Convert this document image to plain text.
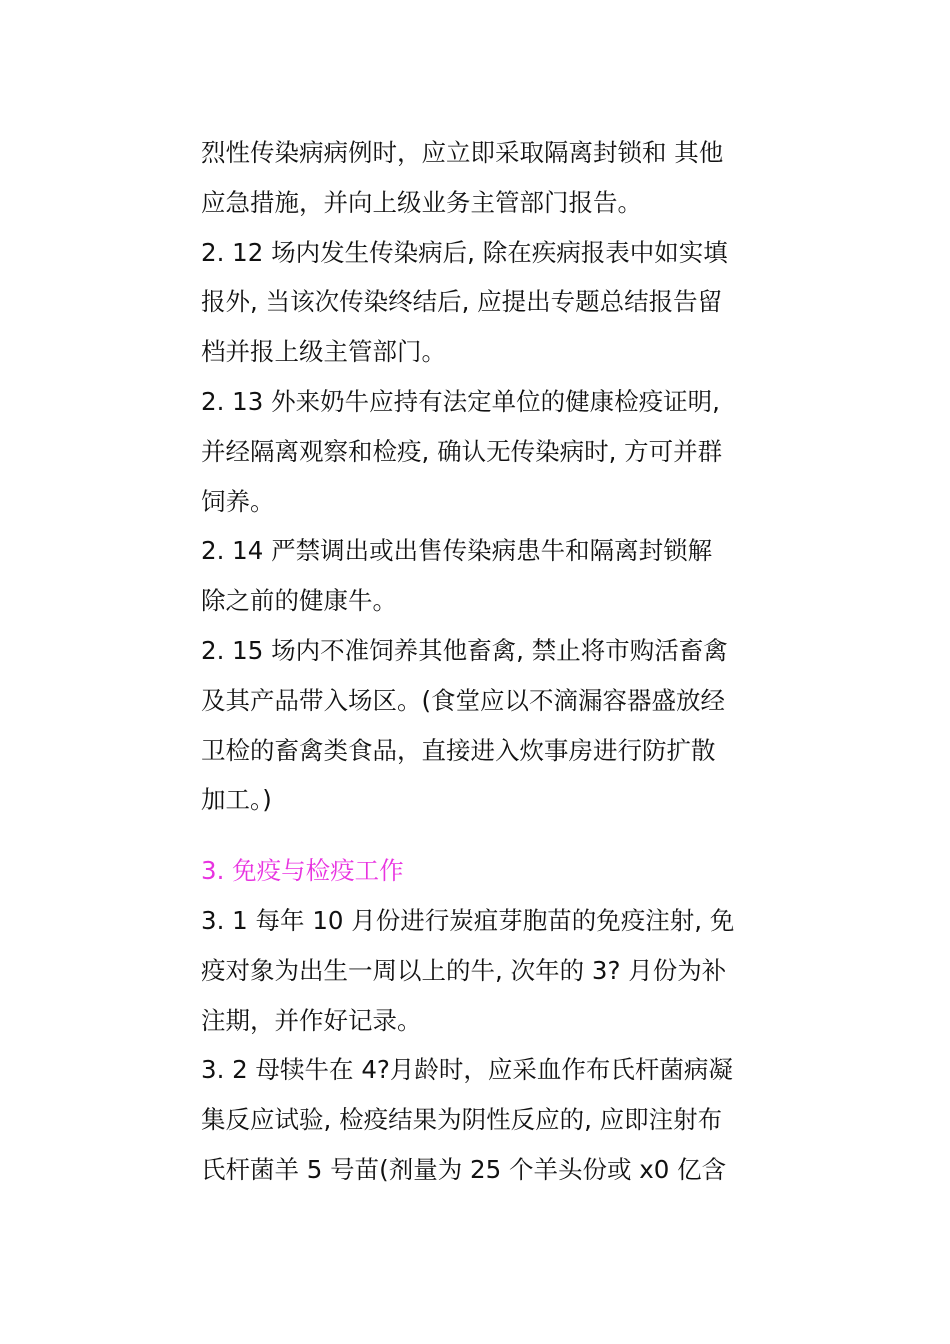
烈性传染病病例时，应立即采取隔离封锁和 其他
应急措施，并向上级业务主管部门报告。
2. 12 场内发生传染病后, 除在疾病报表中如实填
报外, 当该次传染终结后, 应提出专题总结报告留
档并报上级主管部门。
2. 13 外来奶牛应持有法定单位的健康检疫证明,
并经隔离观察和检疫, 确认无传染病时, 方可并群
饲养。
2. 14 严禁调出或出售传染病患牛和隔离封锁解
除之前的健康牛。
2. 15 场内不准饲养其他畜禽, 禁止将市购活畜禽
及其产品带入场区。(食堂应以不滴漏容器盛放经
卫检的畜禽类食品，直接进入炊事房进行防扩散
加工。)
3. 免疫与检疫工作
3. 1 每年 10 月份进行炭疽芽胞苗的免疫注射, 免
疫对象为出生一周以上的牛, 次年的 3? 月份为补
注期，并作好记录。
3. 2 母犊牛在 4?月龄时，应采血作布氏杆菌病凝
集反应试验, 检疫结果为阴性反应的, 应即注射布
氏杆菌羊 5 号苗(剂量为 25 个羊头份或 x0 亿含
